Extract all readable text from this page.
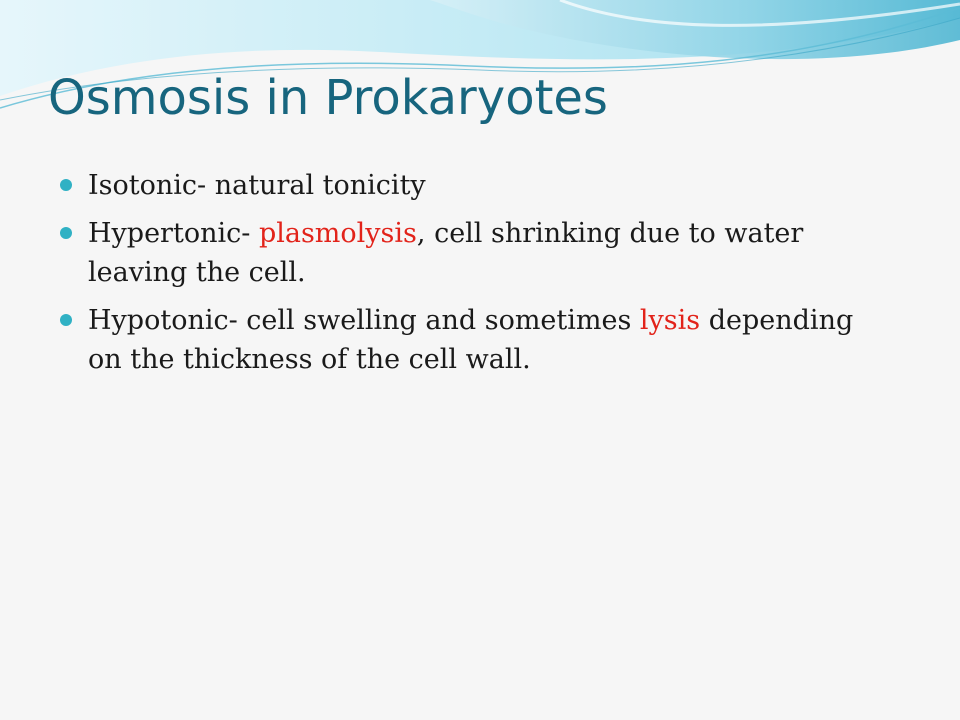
Osmosis in Prokaryotes
Isotonic- natural tonicity
Hypertonic- plasmolysis, cell shrinking due to water leaving the cell.
Hypotonic- cell swelling and sometimes lysis depending on the thickness of the cell wall.
